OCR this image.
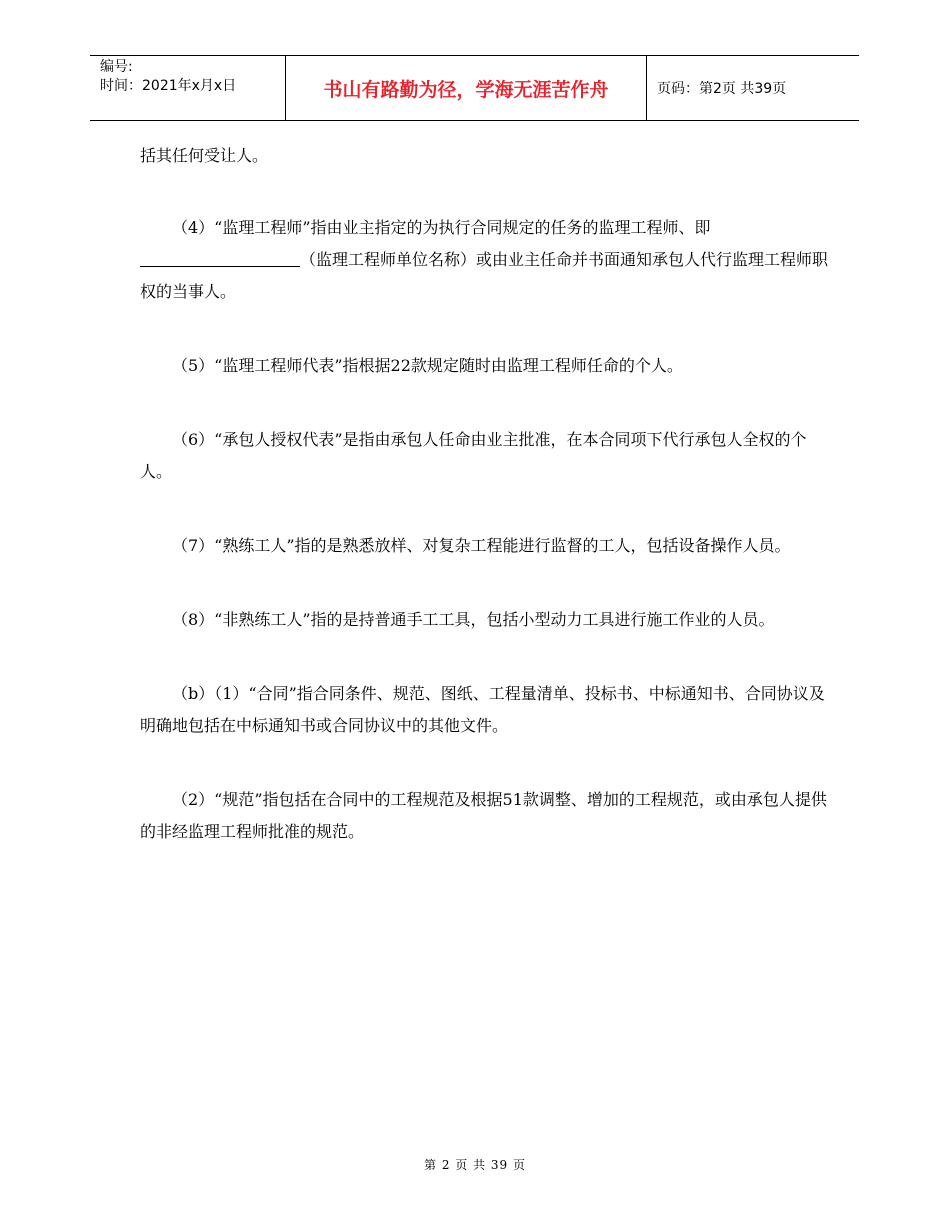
编号:
时间：2021年x月x日	书山有路勤为径，学海无涯苦作舟	页码：第2页 共39页

括其任何受让人。

（4）“监理工程师”指由业主指定的为执行合同规定的任务的监理工程师、即（监理工程师单位名称）或由业主任命并书面通知承包人代行监理工程师职权的当事人。

（5）“监理工程师代表”指根据22款规定随时由监理工程师任命的个人。

（6）“承包人授权代表”是指由承包人任命由业主批准，在本合同项下代行承包人全权的个人。

（7）“熟练工人”指的是熟悉放样、对复杂工程能进行监督的工人，包括设备操作人员。

（8）“非熟练工人”指的是持普通手工工具，包括小型动力工具进行施工作业的人员。

（b）（1）“合同”指合同条件、规范、图纸、工程量清单、投标书、中标通知书、合同协议及明确地包括在中标通知书或合同协议中的其他文件。

（2）“规范”指包括在合同中的工程规范及根据51款调整、增加的工程规范，或由承包人提供的非经监理工程师批准的规范。

第 2 页 共 39 页
